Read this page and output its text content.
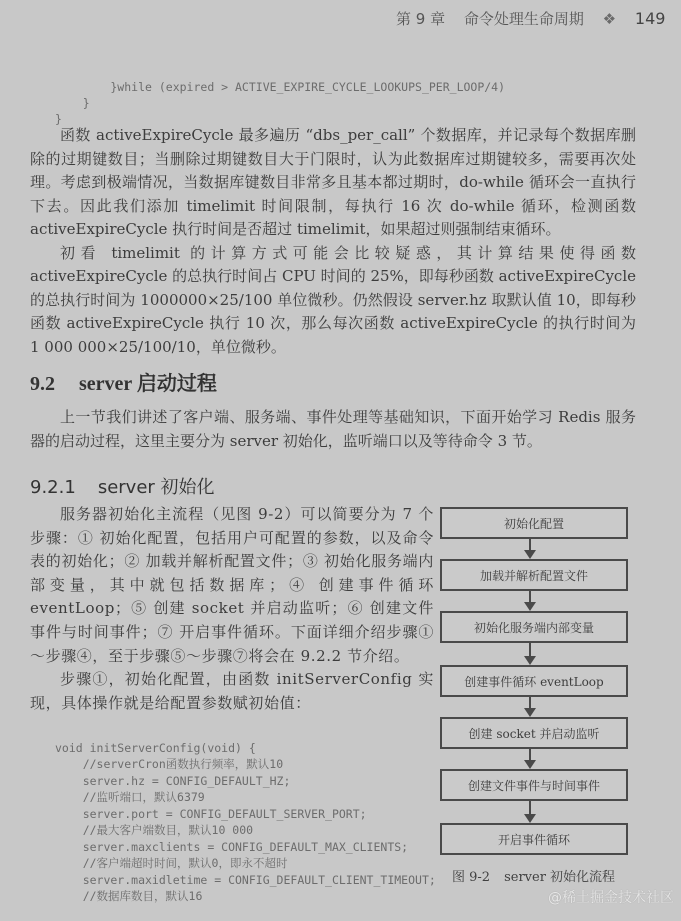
第 9 章 命令处理生命周期 ❖ 149

}while (expired > ACTIVE_EXPIRE_CYCLE_LOOKUPS_PER_LOOP/4)
}
}

函数 activeExpireCycle 最多遍历 “dbs_per_call” 个数据库，并记录每个数据库删除的过期键数目；当删除过期键数目大于门限时，认为此数据库过期键较多，需要再次处理。考虑到极端情况，当数据库键数目非常多且基本都过期时，do-while 循环会一直执行下去。因此我们添加 timelimit 时间限制，每执行 16 次 do-while 循环，检测函数 activeExpireCycle 执行时间是否超过 timelimit，如果超过则强制结束循环。

初看 timelimit 的计算方式可能会比较疑惑，其计算结果使得函数 activeExpireCycle 的总执行时间占 CPU 时间的 25%，即每秒函数 activeExpireCycle 的总执行时间为 1000000×25/100 单位微秒。仍然假设 server.hz 取默认值 10，即每秒函数 activeExpireCycle 执行 10 次，那么每次函数 activeExpireCycle 的执行时间为 1 000 000×25/100/10，单位微秒。

9.2 server 启动过程

上一节我们讲述了客户端、服务端、事件处理等基础知识，下面开始学习 Redis 服务器的启动过程，这里主要分为 server 初始化，监听端口以及等待命令 3 节。

9.2.1 server 初始化

服务器初始化主流程（见图 9-2）可以简要分为 7 个步骤：① 初始化配置，包括用户可配置的参数，以及命令表的初始化；② 加载并解析配置文件；③ 初始化服务端内部变量，其中就包括数据库；④ 创建事件循环 eventLoop；⑤ 创建 socket 并启动监听；⑥ 创建文件事件与时间事件；⑦ 开启事件循环。下面详细介绍步骤①～步骤④，至于步骤⑤～步骤⑦将会在 9.2.2 节介绍。

步骤①，初始化配置，由函数 initServerConfig 实现，具体操作就是给配置参数赋初始值：

void initServerConfig(void) {
//serverCron函数执行频率，默认10
server.hz = CONFIG_DEFAULT_HZ;
//监听端口，默认6379
server.port = CONFIG_DEFAULT_SERVER_PORT;
//最大客户端数目，默认10 000
server.maxclients = CONFIG_DEFAULT_MAX_CLIENTS;
//客户端超时时间，默认0，即永不超时
server.maxidletime = CONFIG_DEFAULT_CLIENT_TIMEOUT;
//数据库数目，默认16

初始化配置
加载并解析配置文件
初始化服务端内部变量
创建事件循环 eventLoop
创建 socket 并启动监听
创建文件事件与时间事件
开启事件循环
图 9-2 server 初始化流程
@稀土掘金技术社区
